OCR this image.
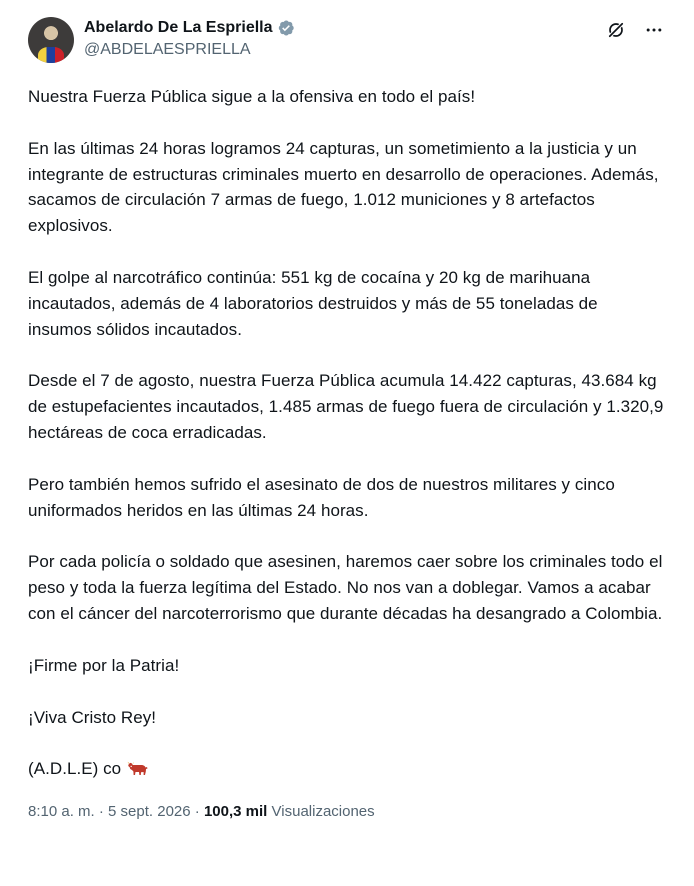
Abelardo De La Espriella
@ABDELAESPRIELLA

Nuestra Fuerza Pública sigue a la ofensiva en todo el país!

En las últimas 24 horas logramos 24 capturas, un sometimiento a la justicia y un integrante de estructuras criminales muerto en desarrollo de operaciones. Además, sacamos de circulación 7 armas de fuego, 1.012 municiones y 8 artefactos explosivos.

El golpe al narcotráfico continúa: 551 kg de cocaína y 20 kg de marihuana incautados, además de 4 laboratorios destruidos y más de 55 toneladas de insumos sólidos incautados.

Desde el 7 de agosto, nuestra Fuerza Pública acumula 14.422 capturas, 43.684 kg de estupefacientes incautados, 1.485 armas de fuego fuera de circulación y 1.320,9 hectáreas de coca erradicadas.

Pero también hemos sufrido el asesinato de dos de nuestros militares y cinco uniformados heridos en las últimas 24 horas.

Por cada policía o soldado que asesinen, haremos caer sobre los criminales todo el peso y toda la fuerza legítima del Estado. No nos van a doblegar. Vamos a acabar con el cáncer del narcoterrorismo que durante décadas ha desangrado a Colombia.

¡Firme por la Patria!

¡Viva Cristo Rey!

(A.D.L.E) co

8:10 a. m. · 5 sept. 2026 · 100,3 mil Visualizaciones
